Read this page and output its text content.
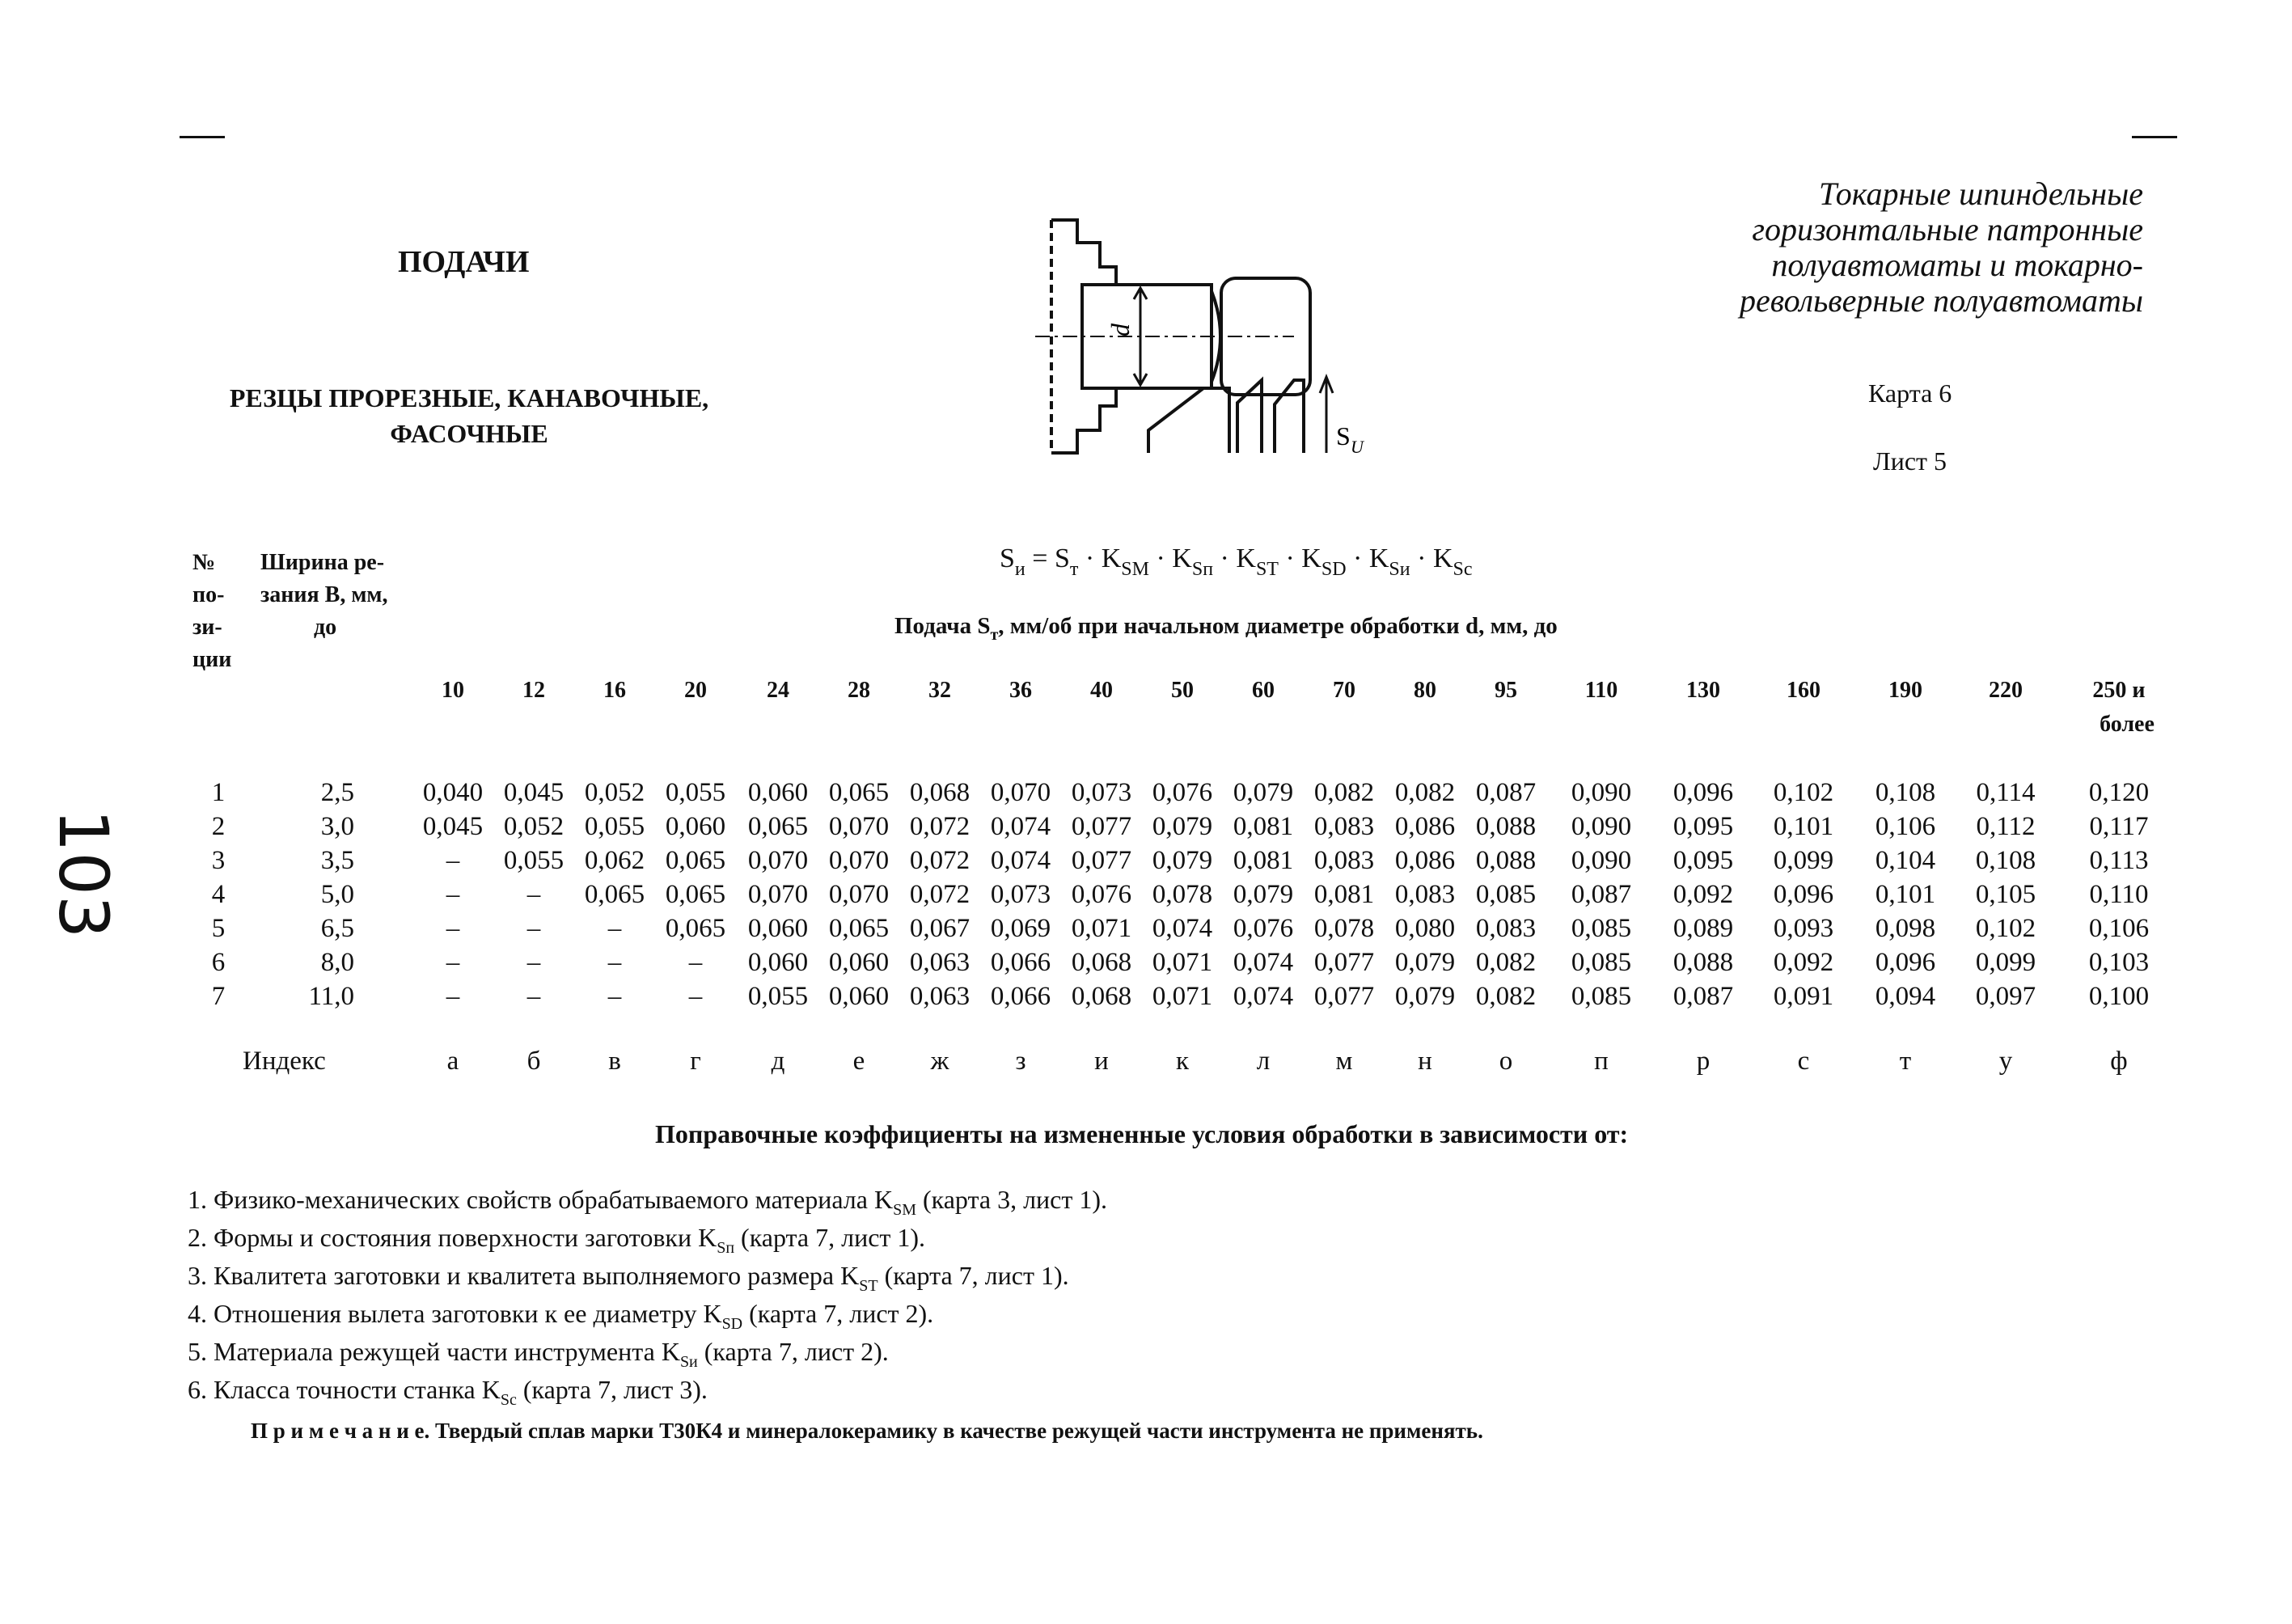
ПОДАЧИ
РЕЗЦЫ ПРОРЕЗНЫЕ, КАНАВОЧНЫЕ,
ФАСОЧНЫЕ
d
S U
Токарные шпиндельные
горизонтальные патронные
полуавтоматы и токарно-
револьверные полуавтоматы
Карта 6
Лист 5
103
№
по-
зи-
ции
Ширина ре-
зания В, мм,
до
$S_и = S_т \cdot K_{SM} \cdot K_{Sп} \cdot K_{ST} \cdot K_{SD} \cdot K_{Sи} \cdot K_{Sc}$
Подача $S_т$, мм/об при начальном диаметре обработки d, мм, до
10	12	16	20	24	28	32	36	40	50	60	70	80	95	110	130	160	190	220	250 и
более
1	2,5	0,040 0,045 0,052 0,055 0,060 0,065 0,068 0,070 0,073 0,076 0,079 0,082 0,082 0,087	0,090	0,096	0,102	0,108	0,114	0,120
2	3,0	0,045 0,052 0,055 0,060 0,065 0,070 0,072 0,074 0,077 0,079 0,081 0,083 0,086 0,088	0,090	0,095	0,101	0,106	0,112	0,117
3	3,5	–	0,055 0,062 0,065 0,070 0,070 0,072 0,074 0,077 0,079 0,081 0,083 0,086 0,088	0,090	0,095	0,099	0,104	0,108	0,113
4	5,0	–	–	0,065 0,065 0,070 0,070 0,072 0,073 0,076 0,078 0,079 0,081 0,083 0,085	0,087	0,092	0,096	0,101	0,105	0,110
5	6,5	–	–	–	0,065 0,060 0,065 0,067 0,069 0,071 0,074 0,076 0,078 0,080 0,083	0,085	0,089	0,093	0,098	0,102	0,106
6	8,0	–	–	–	–	0,060 0,060 0,063 0,066 0,068 0,071 0,074 0,077 0,079 0,082	0,085	0,088	0,092	0,096	0,099	0,103
7	11,0	–	–	–	–	0,055 0,060 0,063 0,066 0,068 0,071 0,074 0,077 0,079 0,082	0,085	0,087	0,091	0,094	0,097	0,100
Индекс	а	б	в	г	д	е	ж	з	и	к	л	м	н	о	п	р	с	т	у	ф
Поправочные коэффициенты на измененные условия обработки в зависимости от:
1. Физико-механических свойств обрабатываемого материала $K_{SM}$ (карта 3, лист 1).
2. Формы и состояния поверхности заготовки $K_{Sп}$ (карта 7, лист 1).
3. Квалитета заготовки и квалитета выполняемого размера $K_{ST}$ (карта 7, лист 1).
4. Отношения вылета заготовки к ее диаметру $K_{SD}$ (карта 7, лист 2).
5. Материала режущей части инструмента $K_{Sи}$ (карта 7, лист 2).
6. Класса точности станка $K_{Sc}$ (карта 7, лист 3).
П р и м е ч а н и е. Твердый сплав марки Т30К4 и минералокерамику в качестве режущей части инструмента не применять.
